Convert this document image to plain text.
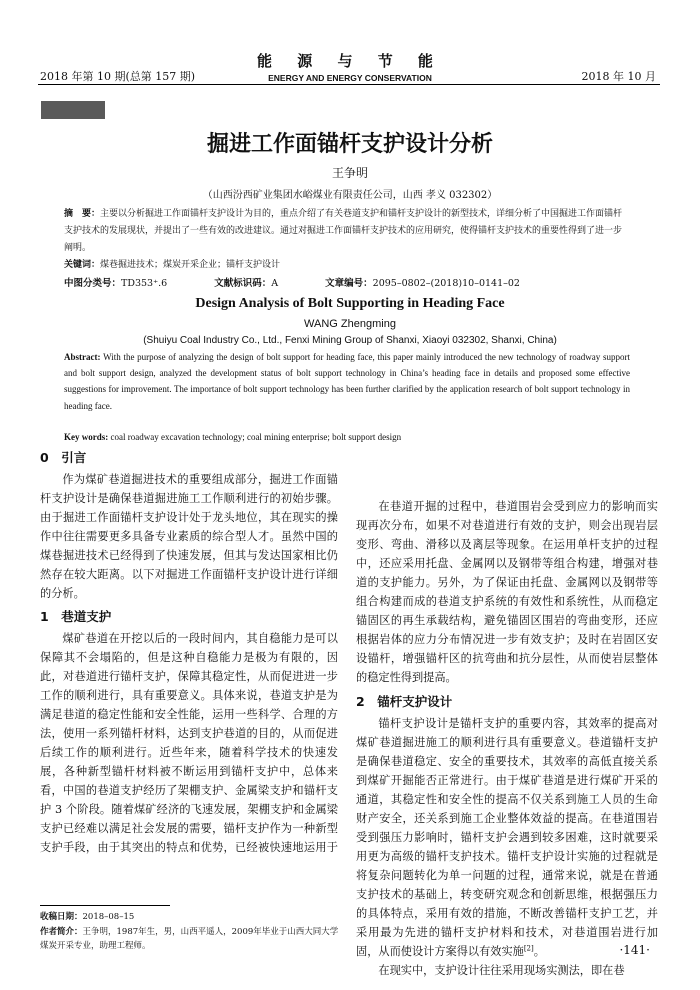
2018 年第 10 期(总第 157 期)
能 源 与 节 能
ENERGY AND ENERGY CONSERVATION	2018 年 10 月
掘进工作面锚杆支护设计分析
王争明
（山西汾西矿业集团水峪煤业有限责任公司，山西 孝义 032302）
摘　要：主要以分析掘进工作面锚杆支护设计为目的，重点介绍了有关巷道支护和锚杆支护设计的新型技术，详细分析了中国掘进工作面锚杆支护技术的发展现状，并提出了一些有效的改进建议。通过对掘进工作面锚杆支护技术的应用研究，使得锚杆支护技术的重要性得到了进一步阐明。
关键词：煤巷掘进技术；煤炭开采企业；锚杆支护设计
中图分类号：TD353⁺.6	文献标识码：A	文章编号：2095–0802–(2018)10–0141–02
Design Analysis of Bolt Supporting in Heading Face
WANG Zhengming
(Shuiyu Coal Industry Co., Ltd., Fenxi Mining Group of Shanxi, Xiaoyi 032302, Shanxi, China)
Abstract: With the purpose of analyzing the design of bolt support for heading face, this paper mainly introduced the new technology of roadway support and bolt support design, analyzed the development status of bolt support technology in China’s heading face in details and proposed some effective suggestions for improvement. The importance of bolt support technology has been further clarified by the application research of bolt support technology in heading face.
Key words: coal roadway excavation technology; coal mining enterprise; bolt support design
0　引言

作为煤矿巷道掘进技术的重要组成部分，掘进工作面锚杆支护设计是确保巷道掘进施工工作顺利进行的初始步骤。由于掘进工作面锚杆支护设计处于龙头地位，其在现实的操作中往往需要更多具备专业素质的综合型人才。虽然中国的煤巷掘进技术已经得到了快速发展，但其与发达国家相比仍然存在较大距离。以下对掘进工作面锚杆支护设计进行详细的分析。

1　巷道支护

煤矿巷道在开挖以后的一段时间内，其自稳能力是可以保障其不会塌陷的，但是这种自稳能力是极为有限的，因此，对巷道进行锚杆支护，保障其稳定性，从而促进进一步工作的顺利进行，具有重要意义。具体来说，巷道支护是为满足巷道的稳定性能和安全性能，运用一些科学、合理的方法，使用一系列锚杆材料，达到支护巷道的目的，从而促进后续工作的顺利进行。近些年来，随着科学技术的快速发展，各种新型锚杆材料被不断运用到锚杆支护中，总体来看，中国的巷道支护经历了架棚支护、金属梁支护和锚杆支护 3 个阶段。随着煤矿经济的飞速发展，架棚支护和金属梁支护已经难以满足社会发展的需要，锚杆支护作为一种新型支护手段，由于其突出的特点和优势，已经被快速地运用于

在巷道开掘的过程中，巷道围岩会受到应力的影响而实现再次分布，如果不对巷道进行有效的支护，则会出现岩层变形、弯曲、滑移以及离层等现象。在运用单杆支护的过程中，还应采用托盘、金属网以及钢带等组合构建，增强对巷道的支护能力。另外，为了保证由托盘、金属网以及钢带等组合构建而成的巷道支护系统的有效性和系统性，从而稳定锚固区的再生承载结构，避免锚固区围岩的弯曲变形，还应根据岩体的应力分布情况进一步有效支护；及时在岩固区安设锚杆，增强锚杆区的抗弯曲和抗分层性，从而使岩层整体的稳定性得到提高。

2　锚杆支护设计

锚杆支护设计是锚杆支护的重要内容，其效率的提高对煤矿巷道掘进施工的顺利进行具有重要意义。巷道锚杆支护是确保巷道稳定、安全的重要技术，其效率的高低直接关系到煤矿开掘能否正常进行。由于煤矿巷道是进行煤矿开采的通道，其稳定性和安全性的提高不仅关系到施工人员的生命财产安全，还关系到施工企业整体效益的提高。在巷道围岩受到强压力影响时，锚杆支护会遇到较多困难，这时就要采用更为高级的锚杆支护技术。锚杆支护设计实施的过程就是将复杂问题转化为单一问题的过程，通常来说，就是在普通支护技术的基础上，转变研究观念和创新思维，根据强压力的具体特点，采用有效的措施，不断改善锚杆支护工艺，并采用最为先进的锚杆支护材料和技术，对巷道围岩进行加固，从而使设计方案得以有效实施[2]。

在现实中，支护设计往往采用现场实测法，即在巷

收稿日期：2018–08–15
作者简介：王争明，1987年生，男，山西平遥人，2009年毕业于山西大同大学煤炭开采专业，助理工程师。	·141·
